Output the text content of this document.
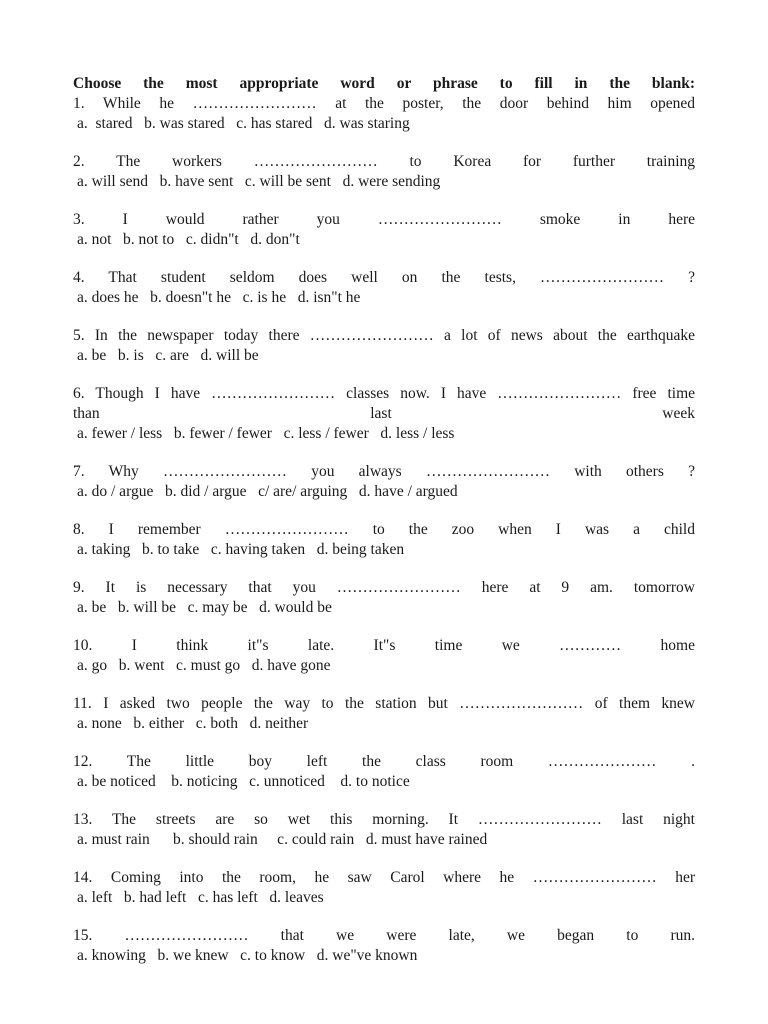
Choose the most appropriate word or phrase to fill in the blank:
1. While he …………………… at the poster, the door behind him opened
a.  stared   b. was stared   c. has stared   d. was staring
2. The workers …………………… to Korea for further training
a. will send   b. have sent   c. will be sent   d. were sending
3. I would rather you …………………… smoke in here
a. not   b. not to   c. didn"t   d. don"t
4. That student seldom does well on the tests, …………………… ?
a. does he   b. doesn"t he   c. is he   d. isn"t he
5. In the newspaper today there …………………… a lot of news about the earthquake
a. be   b. is   c. are   d. will be
6. Though I have …………………… classes now. I have …………………… free time
than last week
a. fewer / less   b. fewer / fewer   c. less / fewer   d. less / less
7. Why …………………… you always …………………… with others ?
a. do / argue   b. did / argue   c/ are/ arguing   d. have / argued
8. I remember …………………… to the zoo when I was a child
a. taking   b. to take   c. having taken   d. being taken
9. It is necessary that you …………………… here at 9 am. tomorrow
a. be   b. will be   c. may be   d. would be
10. I think it"s late. It"s time we ………… home
a. go   b. went   c. must go   d. have gone
11. I asked two people the way to the station but …………………… of them knew
a. none   b. either   c. both   d. neither
12. The little boy left the class room ………………… .
a. be noticed    b. noticing   c. unnoticed    d. to notice
13. The streets are so wet this morning. It …………………… last night
a. must rain      b. should rain     c. could rain   d. must have rained
14. Coming into the room, he saw Carol where he …………………… her
a. left   b. had left   c. has left   d. leaves
15. …………………… that we were late, we began to run.
a. knowing   b. we knew   c. to know   d. we"ve known
